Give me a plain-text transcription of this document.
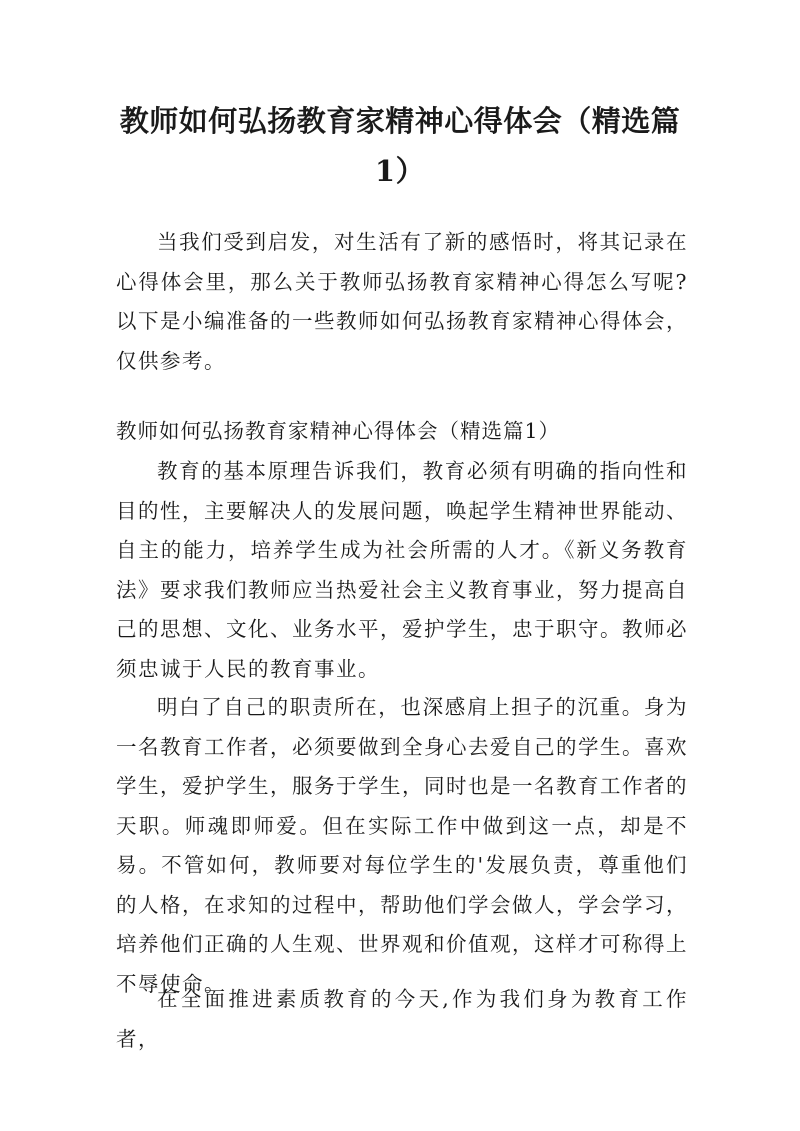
教师如何弘扬教育家精神心得体会（精选篇1）

当我们受到启发，对生活有了新的感悟时，将其记录在心得体会里，那么关于教师弘扬教育家精神心得怎么写呢?以下是小编准备的一些教师如何弘扬教育家精神心得体会，仅供参考。

教师如何弘扬教育家精神心得体会（精选篇1）

教育的基本原理告诉我们，教育必须有明确的指向性和目的性，主要解决人的发展问题，唤起学生精神世界能动、自主的能力，培养学生成为社会所需的人才。《新义务教育法》要求我们教师应当热爱社会主义教育事业，努力提高自己的思想、文化、业务水平，爱护学生，忠于职守。教师必须忠诚于人民的教育事业。

明白了自己的职责所在，也深感肩上担子的沉重。身为一名教育工作者，必须要做到全身心去爱自己的学生。喜欢学生，爱护学生，服务于学生，同时也是一名教育工作者的天职。师魂即师爱。但在实际工作中做到这一点，却是不易。不管如何，教师要对每位学生的'发展负责，尊重他们的人格，在求知的过程中，帮助他们学会做人，学会学习，培养他们正确的人生观、世界观和价值观，这样才可称得上不辱使命。

在全面推进素质教育的今天,作为我们身为教育工作者，
